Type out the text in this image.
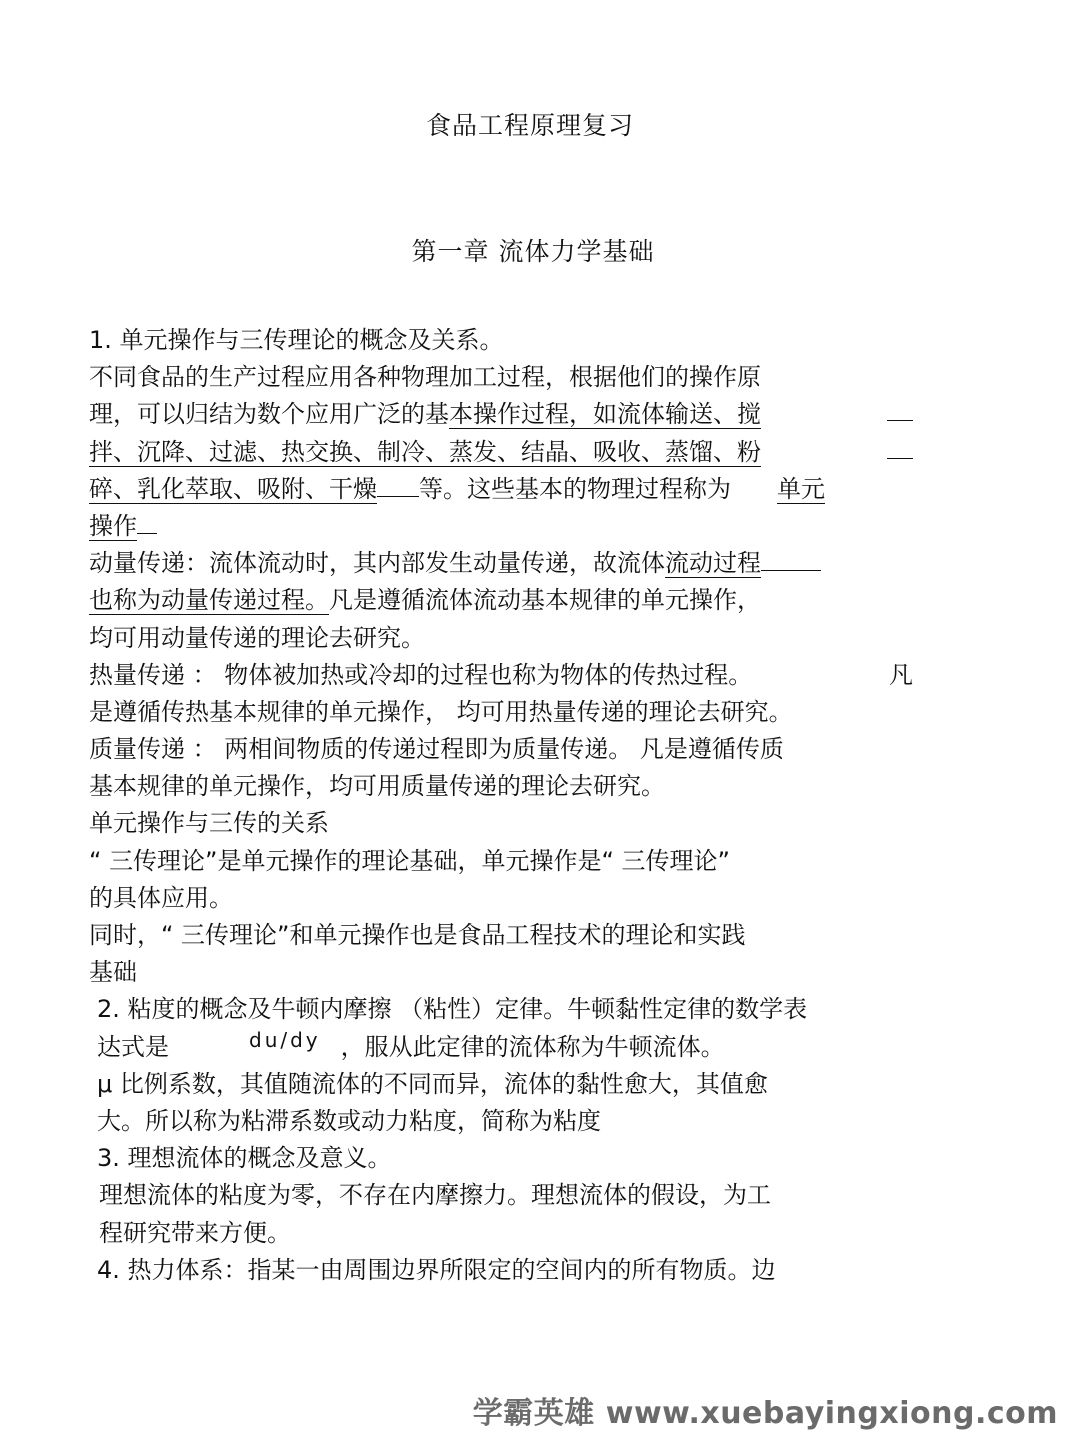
食品工程原理复习
第一章 流体力学基础
1. 单元操作与三传理论的概念及关系。
不同食品的生产过程应用各种物理加工过程，根据他们的操作原
理，可以归结为数个应用广泛的基本操作过程，如流体输送、搅
拌、沉降、过滤、热交换、制冷、蒸发、结晶、吸收、蒸馏、粉
碎、乳化萃取、吸附、干燥 等。这些基本的物理过程称为 单元
操作
动量传递：流体流动时，其内部发生动量传递，故流体流动过程
也称为动量传递过程。凡是遵循流体流动基本规律的单元操作，
均可用动量传递的理论去研究。
热量传递 ： 物体被加热或冷却的过程也称为物体的传热过程。	凡
是遵循传热基本规律的单元操作， 均可用热量传递的理论去研究。
质量传递 ： 两相间物质的传递过程即为质量传递。 凡是遵循传质
基本规律的单元操作，均可用质量传递的理论去研究。
单元操作与三传的关系
“ 三传理论”是单元操作的理论基础，单元操作是“ 三传理论”
的具体应用。
同时，“ 三传理论”和单元操作也是食品工程技术的理论和实践
基础
2. 粘度的概念及牛顿内摩擦 （粘性）定律。牛顿黏性定律的数学表
达式是	$^{du/dy}$ ，服从此定律的流体称为牛顿流体。
μ 比例系数，其值随流体的不同而异，流体的黏性愈大，其值愈
大。所以称为粘滞系数或动力粘度，简称为粘度
3. 理想流体的概念及意义。
理想流体的粘度为零，不存在内摩擦力。理想流体的假设，为工
程研究带来方便。
4. 热力体系：指某一由周围边界所限定的空间内的所有物质。边
学霸英雄 www.xuebayingxiong.com
